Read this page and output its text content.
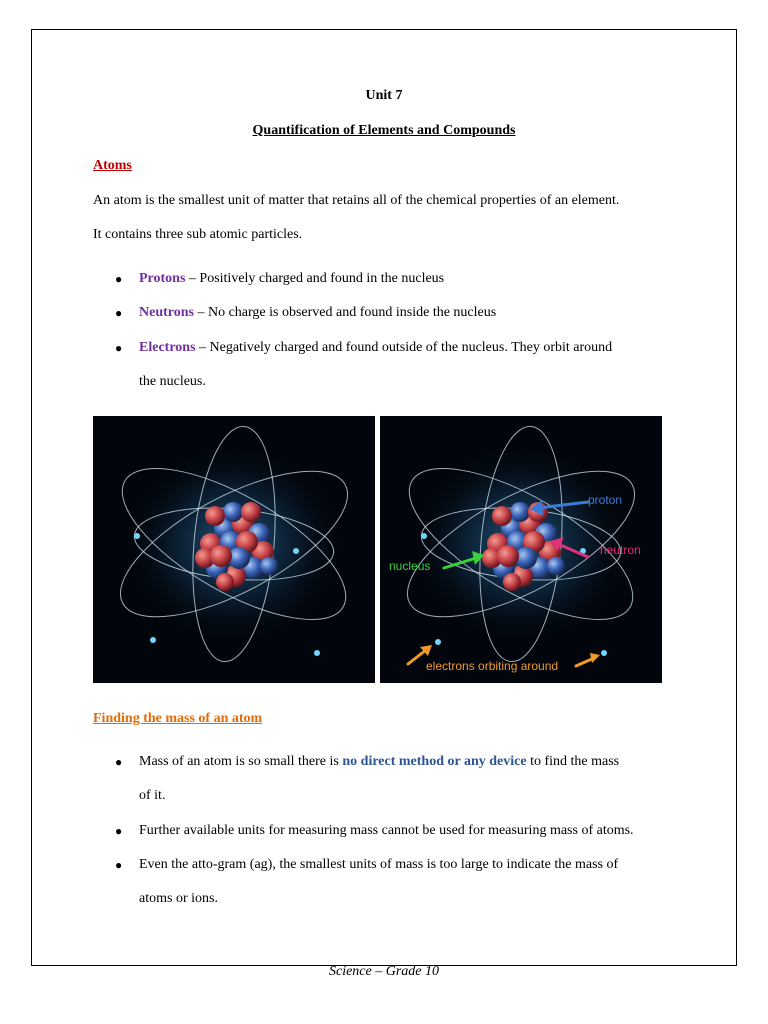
Unit 7
Quantification of Elements and Compounds
Atoms
An atom is the smallest unit of matter that retains all of the chemical properties of an element.
It contains three sub atomic particles.
● Protons – Positively charged and found in the nucleus
● Neutrons – No charge is observed and found inside the nucleus
● Electrons – Negatively charged and found outside of the nucleus. They orbit around
the nucleus.
proton
neutron
nucleus
electrons orbiting around
Finding the mass of an atom
● Mass of an atom is so small there is no direct method or any device to find the mass
of it.
● Further available units for measuring mass cannot be used for measuring mass of atoms.
● Even the atto-gram (ag), the smallest units of mass is too large to indicate the mass of
atoms or ions.
Science – Grade 10
